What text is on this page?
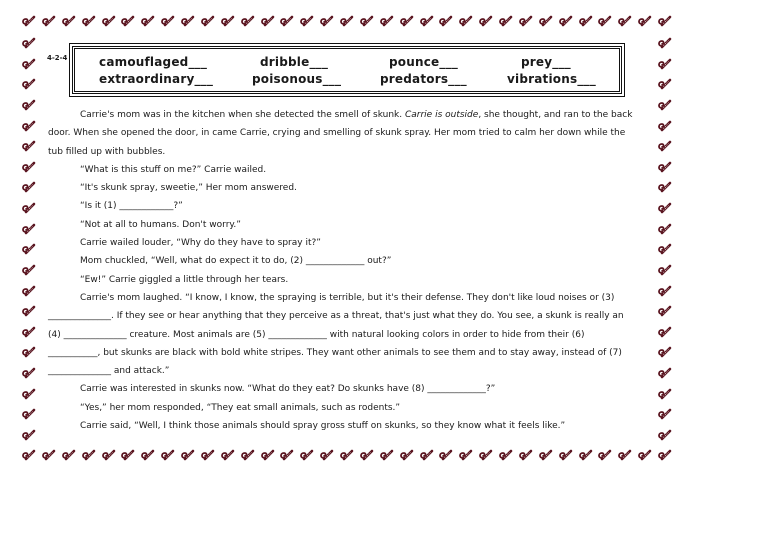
4-2-4	camouflaged___	dribble___	pounce___	prey___
extraordinary___	poisonous___	predators___	vibrations___

Carrie's mom was in the kitchen when she detected the smell of skunk. Carrie is outside, she thought, and ran to the back door. When she opened the door, in came Carrie, crying and smelling of skunk spray. Her mom tried to calm her down while the tub filled up with bubbles.

“What is this stuff on me?” Carrie wailed.

“It's skunk spray, sweetie,” Her mom answered.

“Is it (1) ____________?”

“Not at all to humans. Don't worry.”

Carrie wailed louder, “Why do they have to spray it?”

Mom chuckled, “Well, what do expect it to do, (2) _____________ out?”

“Ew!” Carrie giggled a little through her tears.

Carrie's mom laughed. “I know, I know, the spraying is terrible, but it's their defense. They don't like loud noises or (3) ______________. If they see or hear anything that they perceive as a threat, that's just what they do. You see, a skunk is really an (4) ______________ creature. Most animals are (5) _____________ with natural looking colors in order to hide from their (6) ___________, but skunks are black with bold white stripes. They want other animals to see them and to stay away, instead of (7) ______________ and attack.”

Carrie was interested in skunks now. “What do they eat? Do skunks have (8) _____________?”

“Yes,” her mom responded, “They eat small animals, such as rodents.”

Carrie said, “Well, I think those animals should spray gross stuff on skunks, so they know what it feels like.”
